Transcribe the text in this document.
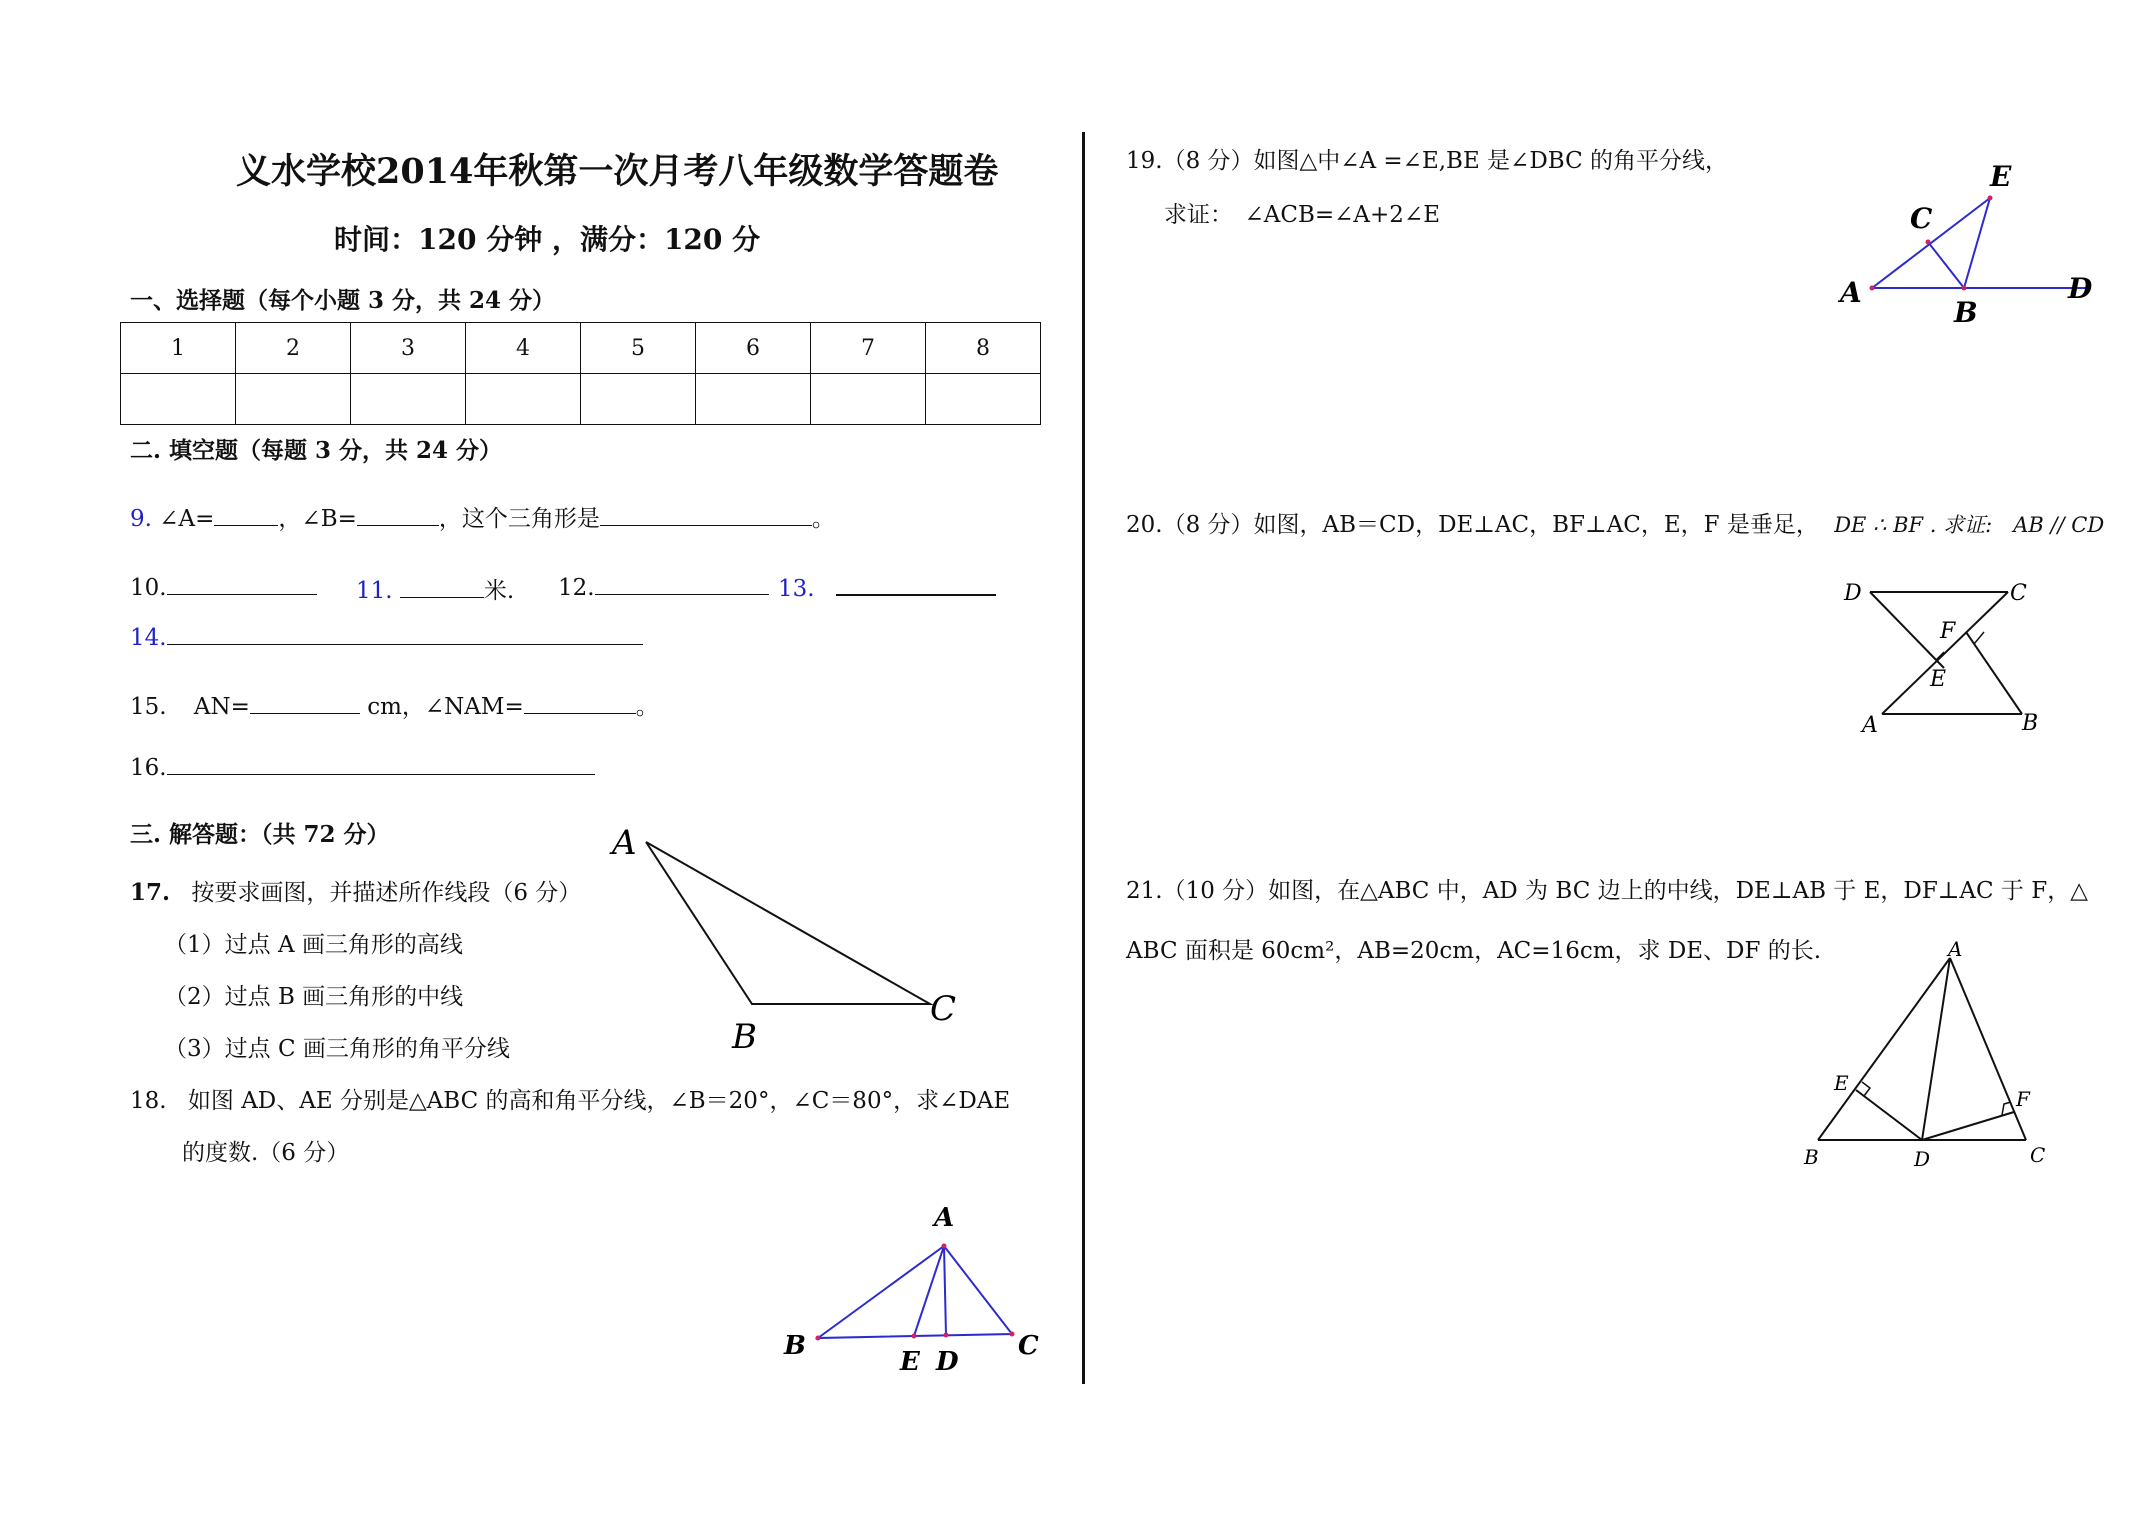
义水学校2014年秋第一次月考八年级数学答题卷
时间：120 分钟 ，满分：120 分
一、选择题（每个小题 3 分，共 24 分）
1	2	3	4	5	6	7	8

二. 填空题（每题 3 分，共 24 分）
9. ∠A=	，∠B=	，这个三角形是	。
10.	11.	米. 12.	13.
14.
15. AN=	cm，∠NAM=	。
16.
三. 解答题：（共 72 分）
17. 按要求画图，并描述所作线段（6 分）
（1）过点 A 画三角形的高线
（2）过点 B 画三角形的中线
（3）过点 C 画三角形的角平分线
A
B
C
18. 如图 AD、AE 分别是△ABC 的高和角平分线，∠B＝20°，∠C＝80°，求∠DAE
的度数.（6 分）
A
B	C
E D
19.（8 分）如图△中∠A =∠E,BE 是∠DBC 的角平分线，
求证：　∠ACB=∠A+2∠E
E
C
A
B
D
20.（8 分）如图，AB＝CD，DE⊥AC，BF⊥AC，E，F 是垂足， DE ∴ BF . 求证:　AB // CD
D	C
F
E
A	B
21.（10 分）如图，在△ABC 中，AD 为 BC 边上的中线，DE⊥AB 于 E，DF⊥AC 于 F，△
ABC 面积是 60cm²，AB=20cm，AC=16cm，求 DE、DF 的长.	A
E
F
B	D	C
